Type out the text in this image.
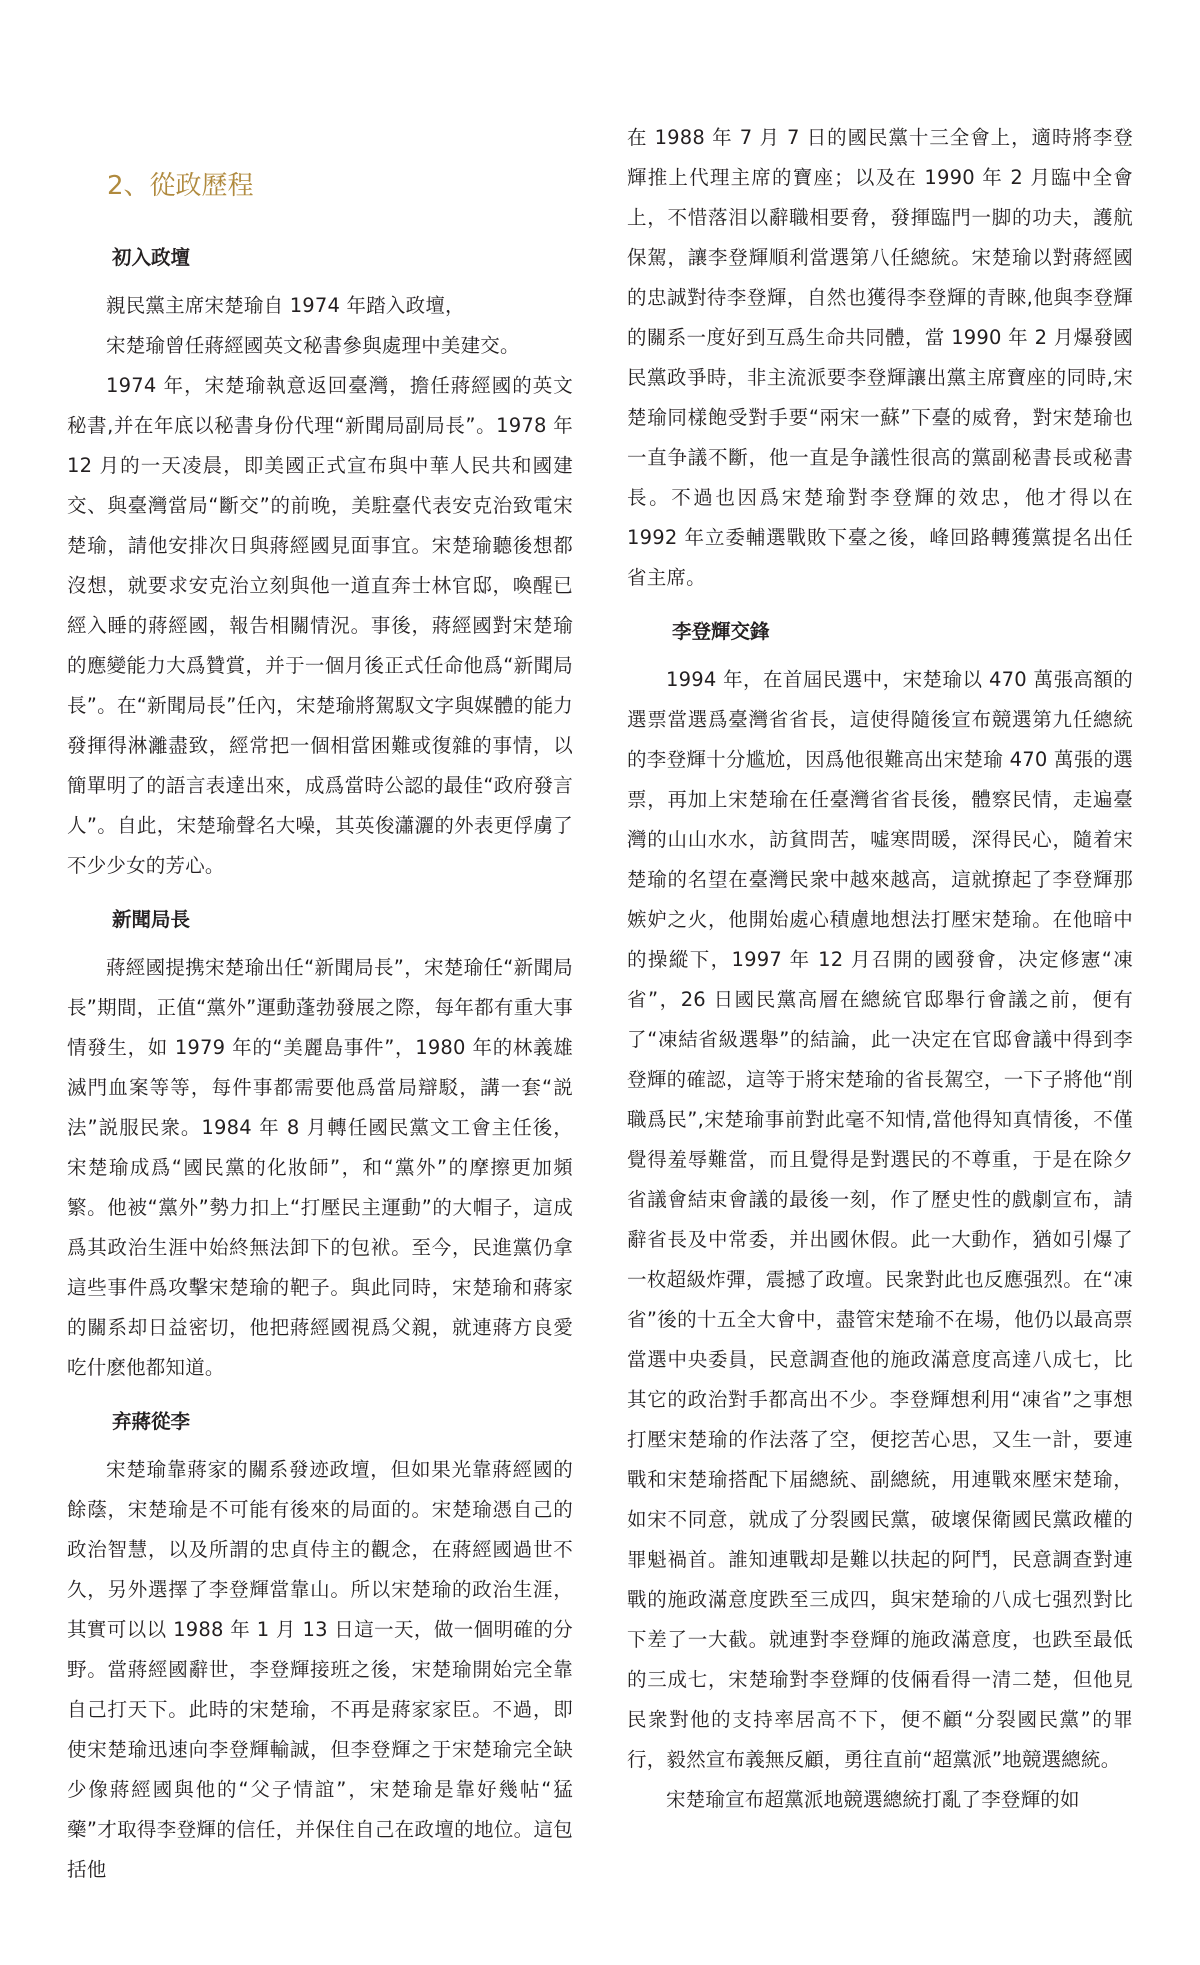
2、從政歷程
初入政壇

親民黨主席宋楚瑜自 1974 年踏入政壇，

宋楚瑜曾任蔣經國英文秘書參與處理中美建交。

1974 年，宋楚瑜執意返回臺灣，擔任蔣經國的英文秘書,并在年底以秘書身份代理“新聞局副局長”。1978 年 12 月的一天凌晨，即美國正式宣布與中華人民共和國建交、與臺灣當局“斷交”的前晚，美駐臺代表安克治致電宋楚瑜，請他安排次日與蔣經國見面事宜。宋楚瑜聽後想都沒想，就要求安克治立刻與他一道直奔士林官邸，喚醒已經入睡的蔣經國，報告相關情況。事後，蔣經國對宋楚瑜的應變能力大爲贊賞，并于一個月後正式任命他爲“新聞局長”。在“新聞局長”任內，宋楚瑜將駕馭文字與媒體的能力發揮得淋灕盡致，經常把一個相當困難或復雜的事情，以簡單明了的語言表達出來，成爲當時公認的最佳“政府發言人”。自此，宋楚瑜聲名大噪，其英俊瀟灑的外表更俘虜了不少少女的芳心。

新聞局長

蔣經國提携宋楚瑜出任“新聞局長”，宋楚瑜任“新聞局長”期間，正值“黨外”運動蓬勃發展之際，每年都有重大事情發生，如 1979 年的“美麗島事件”，1980 年的林義雄滅門血案等等，每件事都需要他爲當局辯駁，講一套“説法”説服民衆。1984 年 8 月轉任國民黨文工會主任後，宋楚瑜成爲“國民黨的化妝師”，和“黨外”的摩擦更加頻繁。他被“黨外”勢力扣上“打壓民主運動”的大帽子，這成爲其政治生涯中始終無法卸下的包袱。至今，民進黨仍拿這些事件爲攻擊宋楚瑜的靶子。與此同時，宋楚瑜和蔣家的關系却日益密切，他把蔣經國視爲父親，就連蔣方良愛吃什麽他都知道。

弃蔣從李

宋楚瑜靠蔣家的關系發迹政壇，但如果光靠蔣經國的餘蔭，宋楚瑜是不可能有後來的局面的。宋楚瑜憑自己的政治智慧，以及所謂的忠貞侍主的觀念，在蔣經國過世不久，另外選擇了李登輝當靠山。所以宋楚瑜的政治生涯，其實可以以 1988 年 1 月 13 日這一天，做一個明確的分野。當蔣經國辭世，李登輝接班之後，宋楚瑜開始完全靠自己打天下。此時的宋楚瑜，不再是蔣家家臣。不過，即使宋楚瑜迅速向李登輝輸誠，但李登輝之于宋楚瑜完全缺少像蔣經國與他的“父子情誼”，宋楚瑜是靠好幾帖“猛藥”才取得李登輝的信任，并保住自己在政壇的地位。這包括他

在 1988 年 7 月 7 日的國民黨十三全會上，適時將李登輝推上代理主席的寶座；以及在 1990 年 2 月臨中全會上，不惜落泪以辭職相要脅，發揮臨門一脚的功夫，護航保駕，讓李登輝順利當選第八任總統。宋楚瑜以對蔣經國的忠誠對待李登輝，自然也獲得李登輝的青睞,他與李登輝的關系一度好到互爲生命共同體，當 1990 年 2 月爆發國民黨政爭時，非主流派要李登輝讓出黨主席寶座的同時,宋楚瑜同樣飽受對手要“兩宋一蘇”下臺的威脅，對宋楚瑜也一直争議不斷，他一直是争議性很高的黨副秘書長或秘書長。不過也因爲宋楚瑜對李登輝的效忠，他才得以在 1992 年立委輔選戰敗下臺之後，峰回路轉獲黨提名出任省主席。

李登輝交鋒

1994 年，在首屆民選中，宋楚瑜以 470 萬張高額的選票當選爲臺灣省省長，這使得隨後宣布競選第九任總統的李登輝十分尴尬，因爲他很難高出宋楚瑜 470 萬張的選票，再加上宋楚瑜在任臺灣省省長後，體察民情，走遍臺灣的山山水水，訪貧問苦，噓寒問暖，深得民心，隨着宋楚瑜的名望在臺灣民衆中越來越高，這就撩起了李登輝那嫉妒之火，他開始處心積慮地想法打壓宋楚瑜。在他暗中的操縱下，1997 年 12 月召開的國發會，决定修憲“凍省”，26 日國民黨高層在總統官邸舉行會議之前，便有了“凍結省級選舉”的結論，此一决定在官邸會議中得到李登輝的確認，這等于將宋楚瑜的省長駕空，一下子將他“削職爲民”,宋楚瑜事前對此毫不知情,當他得知真情後，不僅覺得羞辱難當，而且覺得是對選民的不尊重，于是在除夕省議會結束會議的最後一刻，作了歷史性的戲劇宣布，請辭省長及中常委，并出國休假。此一大動作，猶如引爆了一枚超級炸彈，震撼了政壇。民衆對此也反應强烈。在“凍省”後的十五全大會中，盡管宋楚瑜不在場，他仍以最高票當選中央委員，民意調查他的施政滿意度高達八成七，比其它的政治對手都高出不少。李登輝想利用“凍省”之事想打壓宋楚瑜的作法落了空，便挖苦心思，又生一計，要連戰和宋楚瑜搭配下届總統、副總統，用連戰來壓宋楚瑜，如宋不同意，就成了分裂國民黨，破壞保衛國民黨政權的罪魁禍首。誰知連戰却是難以扶起的阿鬥，民意調查對連戰的施政滿意度跌至三成四，與宋楚瑜的八成七强烈對比下差了一大截。就連對李登輝的施政滿意度，也跌至最低的三成七，宋楚瑜對李登輝的伎倆看得一清二楚，但他見民衆對他的支持率居高不下，便不顧“分裂國民黨”的罪行，毅然宣布義無反顧，勇往直前“超黨派”地競選總統。

宋楚瑜宣布超黨派地競選總統打亂了李登輝的如
